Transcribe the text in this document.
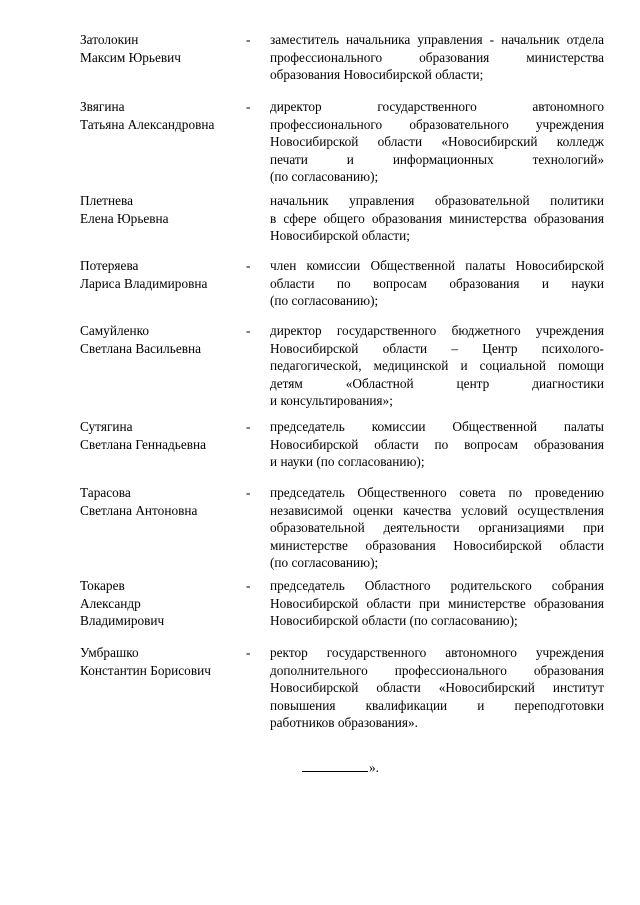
Затолокин
Максим Юрьевич
-	заместитель начальника управления - начальник отдела
профессионального образования министерства
образования Новосибирской области;
Звягина
Татьяна Александровна
-	директор государственного автономного
профессионального образовательного учреждения
Новосибирской области «Новосибирский колледж
печати и информационных технологий»
(по согласованию);
Плетнева
Елена Юрьевна
начальник управления образовательной политики
в сфере общего образования министерства образования
Новосибирской области;
Потеряева
Лариса Владимировна
-	член комиссии Общественной палаты Новосибирской
области по вопросам образования и науки
(по согласованию);
Самуйленко
Светлана Васильевна
-	директор государственного бюджетного учреждения
Новосибирской области – Центр психолого-
педагогической, медицинской и социальной помощи
детям «Областной центр диагностики
и консультирования»;
Сутягина
Светлана Геннадьевна
-	председатель комиссии Общественной палаты
Новосибирской области по вопросам образования
и науки (по согласованию);
Тарасова
Светлана Антоновна
-	председатель Общественного совета по проведению
независимой оценки качества условий осуществления
образовательной деятельности организациями при
министерстве образования Новосибирской области
(по согласованию);
Токарев
Александр
Владимирович
-	председатель Областного родительского собрания
Новосибирской области при министерстве образования
Новосибирской области (по согласованию);
Умбрашко
Константин Борисович
-	ректор государственного автономного учреждения
дополнительного профессионального образования
Новосибирской области «Новосибирский институт
повышения квалификации и переподготовки
работников образования».
».
